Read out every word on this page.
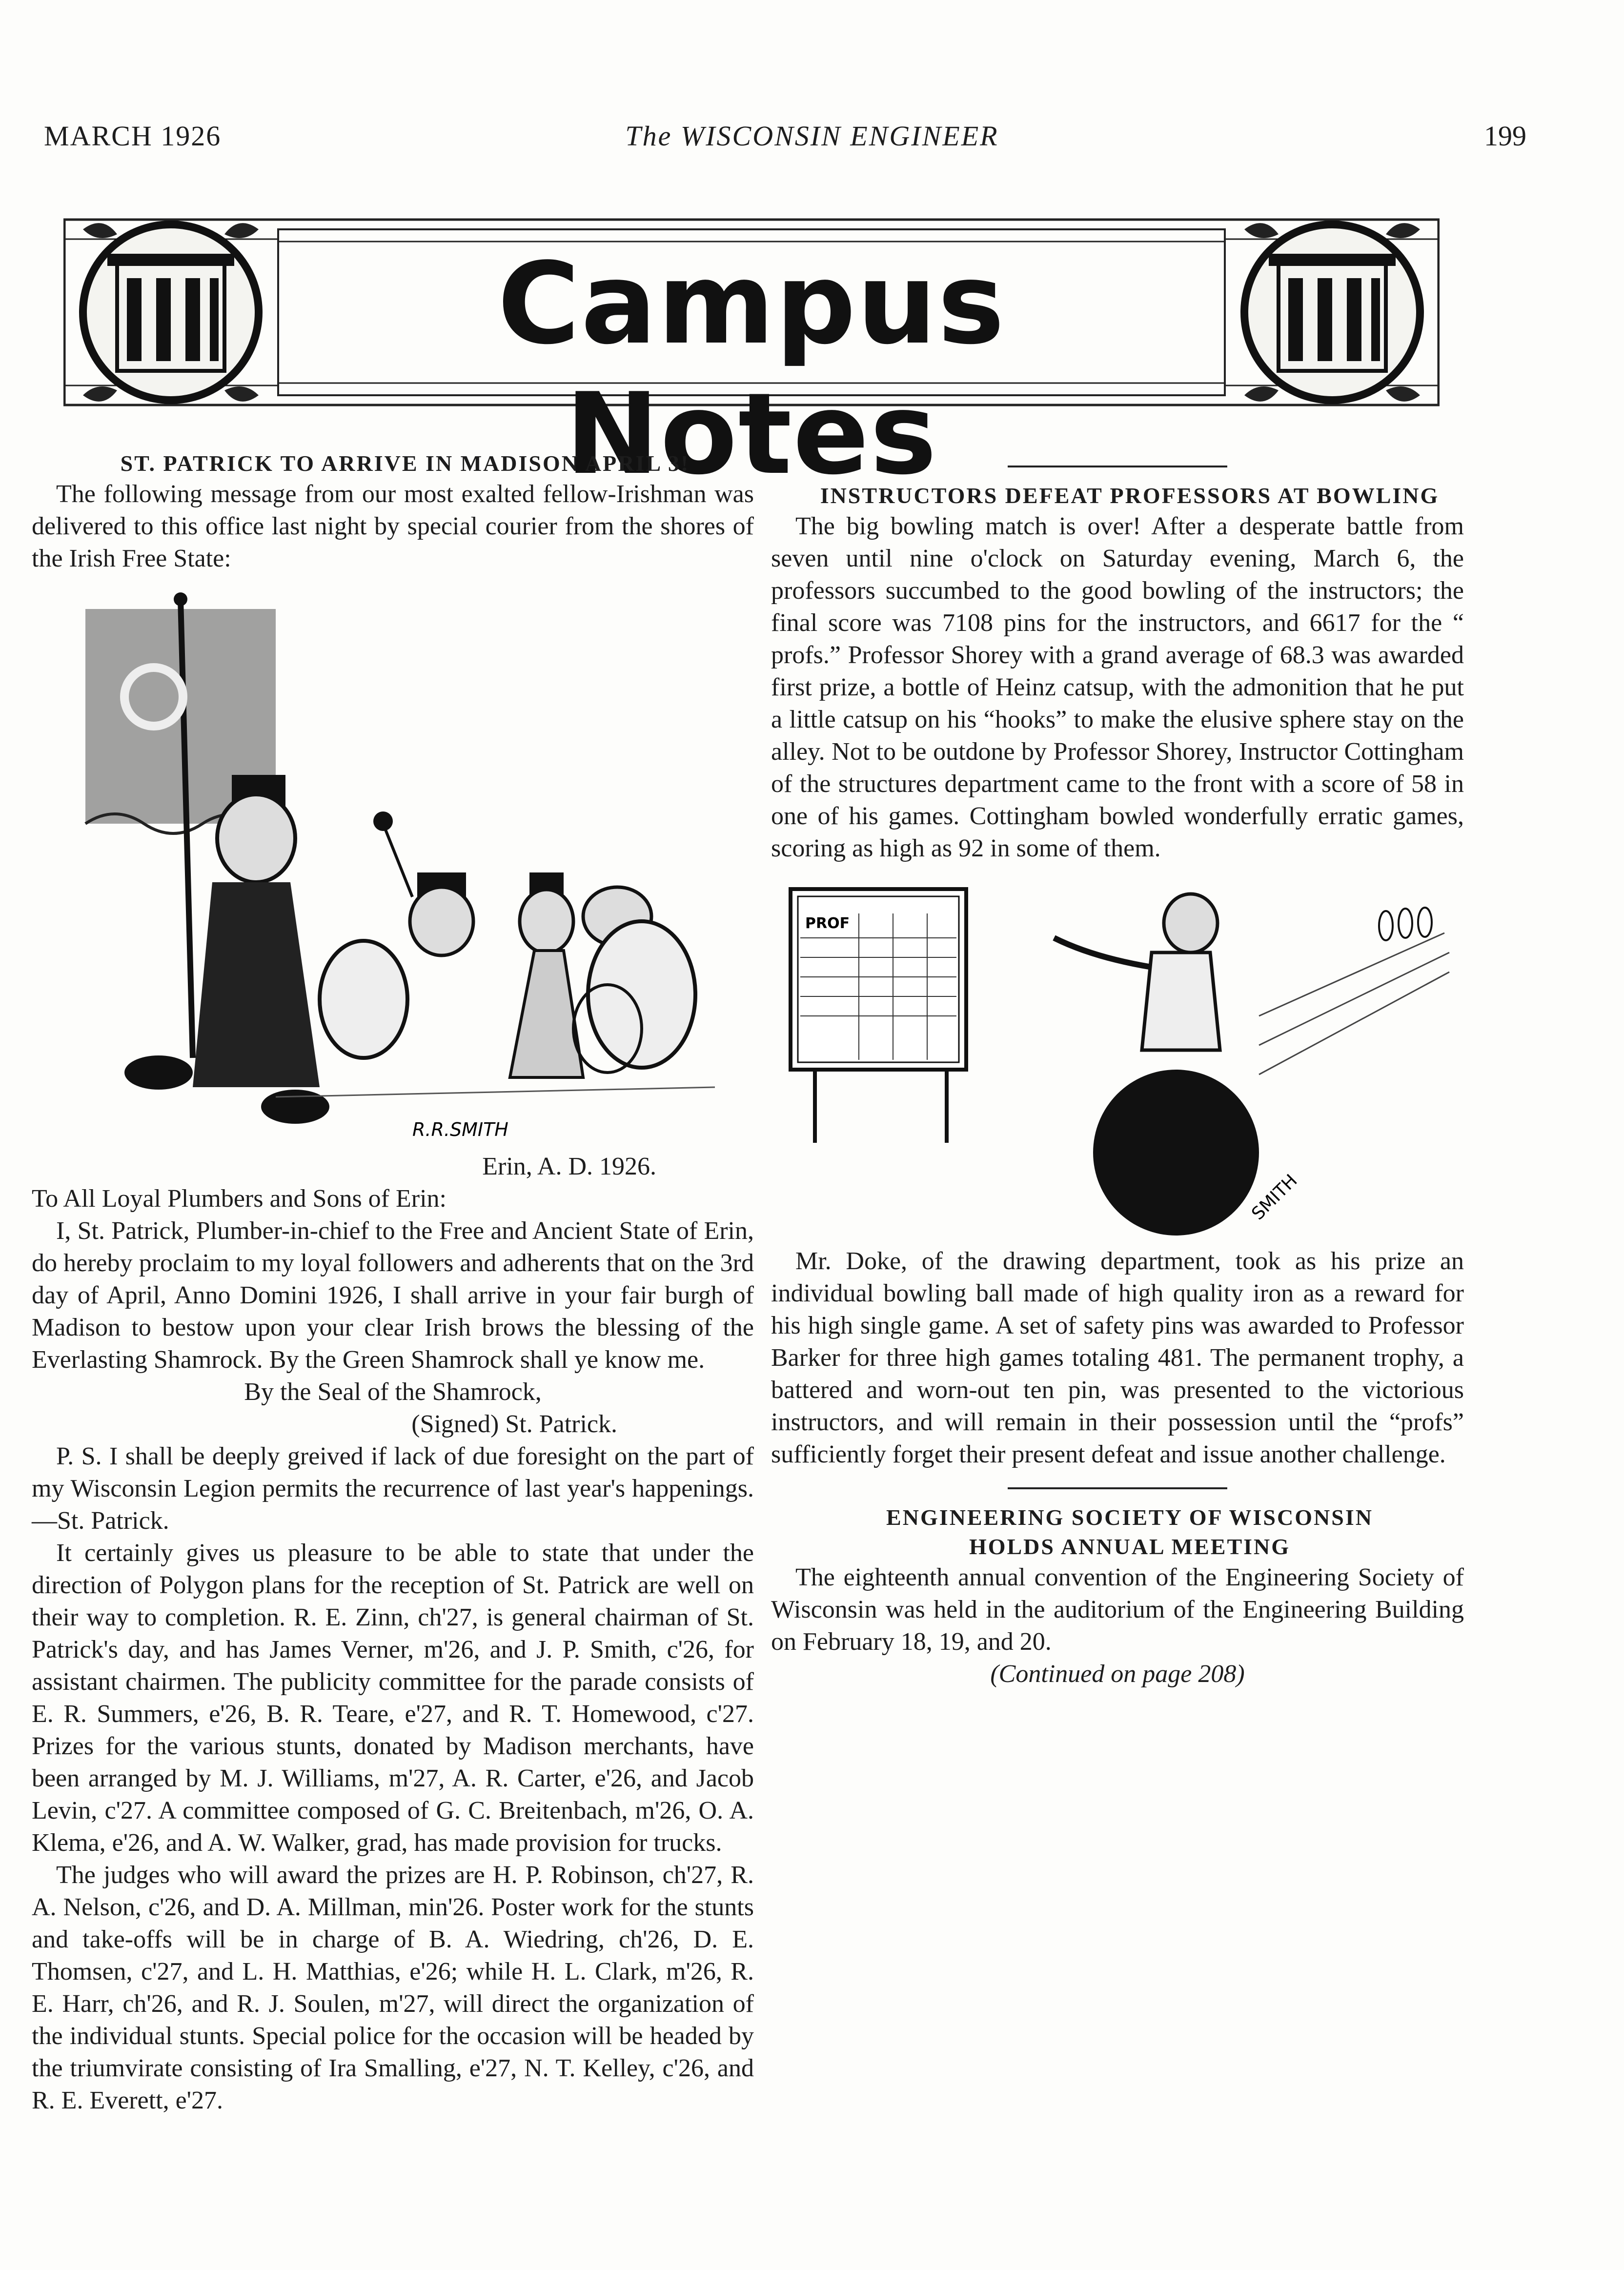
MARCH 1926	The WISCONSIN ENGINEER	199
Campus Notes

ST. PATRICK TO ARRIVE IN MADISON APRIL 3!

The following message from our most exalted fellow-Irishman was delivered to this office last night by special courier from the shores of the Irish Free State:

R.R.SMITH

Erin, A. D. 1926.

To All Loyal Plumbers and Sons of Erin:

I, St. Patrick, Plumber-in-chief to the Free and Ancient State of Erin, do hereby proclaim to my loyal followers and adherents that on the 3rd day of April, Anno Domini 1926, I shall arrive in your fair burgh of Madison to bestow upon your clear Irish brows the blessing of the Everlasting Shamrock. By the Green Shamrock shall ye know me.

By the Seal of the Shamrock,

(Signed) St. Patrick.

P. S. I shall be deeply greived if lack of due foresight on the part of my Wisconsin Legion permits the recurrence of last year's happenings.—St. Patrick.

It certainly gives us pleasure to be able to state that under the direction of Polygon plans for the reception of St. Patrick are well on their way to completion. R. E. Zinn, ch'27, is general chairman of St. Patrick's day, and has James Verner, m'26, and J. P. Smith, c'26, for assistant chairmen. The publicity committee for the parade consists of E. R. Summers, e'26, B. R. Teare, e'27, and R. T. Homewood, c'27. Prizes for the various stunts, donated by Madison merchants, have been arranged by M. J. Williams, m'27, A. R. Carter, e'26, and Jacob Levin, c'27. A committee composed of G. C. Breitenbach, m'26, O. A. Klema, e'26, and A. W. Walker, grad, has made provision for trucks.

The judges who will award the prizes are H. P. Robinson, ch'27, R. A. Nelson, c'26, and D. A. Millman, min'26. Poster work for the stunts and take-offs will be in charge of B. A. Wiedring, ch'26, D. E. Thomsen, c'27, and L. H. Matthias, e'26; while H. L. Clark, m'26, R. E. Harr, ch'26, and R. J. Soulen, m'27, will direct the organization of the individual stunts. Special police for the occasion will be headed by the triumvirate consisting of Ira Smalling, e'27, N. T. Kelley, c'26, and R. E. Everett, e'27.

INSTRUCTORS DEFEAT PROFESSORS AT BOWLING

The big bowling match is over! After a desperate battle from seven until nine o'clock on Saturday evening, March 6, the professors succumbed to the good bowling of the instructors; the final score was 7108 pins for the instructors, and 6617 for the “ profs.” Professor Shorey with a grand average of 68.3 was awarded first prize, a bottle of Heinz catsup, with the admonition that he put a little catsup on his “hooks” to make the elusive sphere stay on the alley. Not to be outdone by Professor Shorey, Instructor Cottingham of the structures department came to the front with a score of 58 in one of his games. Cottingham bowled wonderfully erratic games, scoring as high as 92 in some of them.

PROF
SMITH

Mr. Doke, of the drawing department, took as his prize an individual bowling ball made of high quality iron as a reward for his high single game. A set of safety pins was awarded to Professor Barker for three high games totaling 481. The permanent trophy, a battered and worn-out ten pin, was presented to the victorious instructors, and will remain in their possession until the “profs” sufficiently forget their present defeat and issue another challenge.

ENGINEERING SOCIETY OF WISCONSIN

HOLDS ANNUAL MEETING

The eighteenth annual convention of the Engineering Society of Wisconsin was held in the auditorium of the Engineering Building on February 18, 19, and 20.

(Continued on page 208)
